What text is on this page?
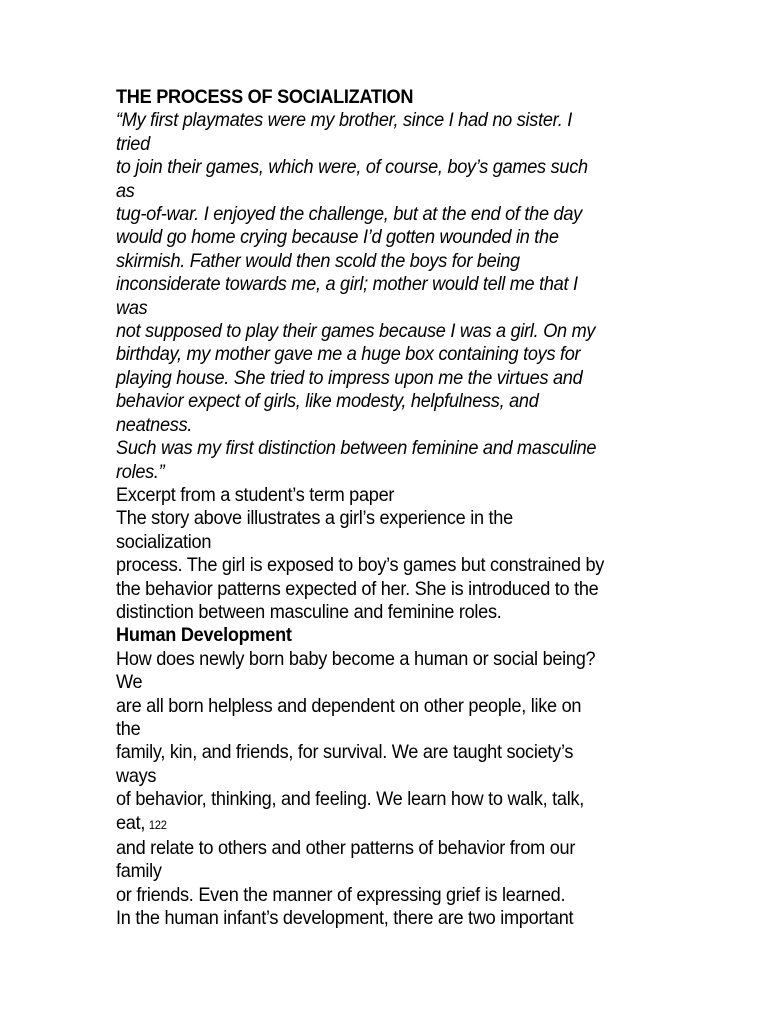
THE PROCESS OF SOCIALIZATION
“My first playmates were my brother, since I had no sister. I
tried
to join their games, which were, of course, boy’s games such
as
tug-of-war. I enjoyed the challenge, but at the end of the day
would go home crying because I’d gotten wounded in the
skirmish. Father would then scold the boys for being
inconsiderate towards me, a girl; mother would tell me that I
was
not supposed to play their games because I was a girl. On my
birthday, my mother gave me a huge box containing toys for
playing house. She tried to impress upon me the virtues and
behavior expect of girls, like modesty, helpfulness, and
neatness.
Such was my first distinction between feminine and masculine
roles.”
Excerpt from a student’s term paper
The story above illustrates a girl’s experience in the
socialization
process. The girl is exposed to boy’s games but constrained by
the behavior patterns expected of her. She is introduced to the
distinction between masculine and feminine roles.
Human Development
How does newly born baby become a human or social being?
We
are all born helpless and dependent on other people, like on
the
family, kin, and friends, for survival. We are taught society’s
ways
of behavior, thinking, and feeling. We learn how to walk, talk,
eat, 122
and relate to others and other patterns of behavior from our
family
or friends. Even the manner of expressing grief is learned.
In the human infant’s development, there are two important
